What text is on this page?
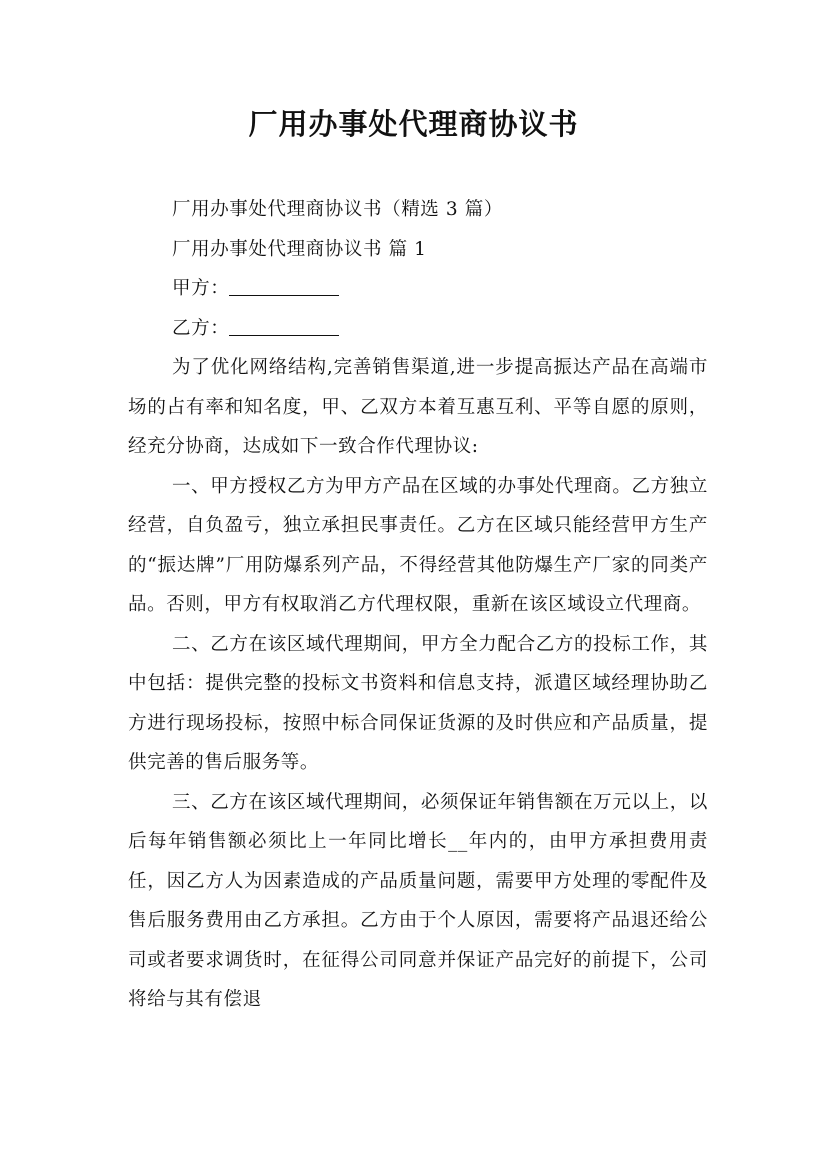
厂用办事处代理商协议书

厂用办事处代理商协议书（精选 3 篇）

厂用办事处代理商协议书 篇 1

甲方：

乙方：

为了优化网络结构,完善销售渠道,进一步提高振达产品在高端市场的占有率和知名度，甲、乙双方本着互惠互利、平等自愿的原则，经充分协商，达成如下一致合作代理协议:

一、甲方授权乙方为甲方产品在区域的办事处代理商。乙方独立经营，自负盈亏，独立承担民事责任。乙方在区域只能经营甲方生产的“振达牌”厂用防爆系列产品，不得经营其他防爆生产厂家的同类产品。否则，甲方有权取消乙方代理权限，重新在该区域设立代理商。

二、乙方在该区域代理期间，甲方全力配合乙方的投标工作，其中包括：提供完整的投标文书资料和信息支持，派遣区域经理协助乙方进行现场投标，按照中标合同保证货源的及时供应和产品质量，提供完善的售后服务等。

三、乙方在该区域代理期间，必须保证年销售额在万元以上，以后每年销售额必须比上一年同比增长__年内的，由甲方承担费用责任，因乙方人为因素造成的产品质量问题，需要甲方处理的零配件及售后服务费用由乙方承担。乙方由于个人原因，需要将产品退还给公司或者要求调货时，在征得公司同意并保证产品完好的前提下，公司将给与其有偿退
